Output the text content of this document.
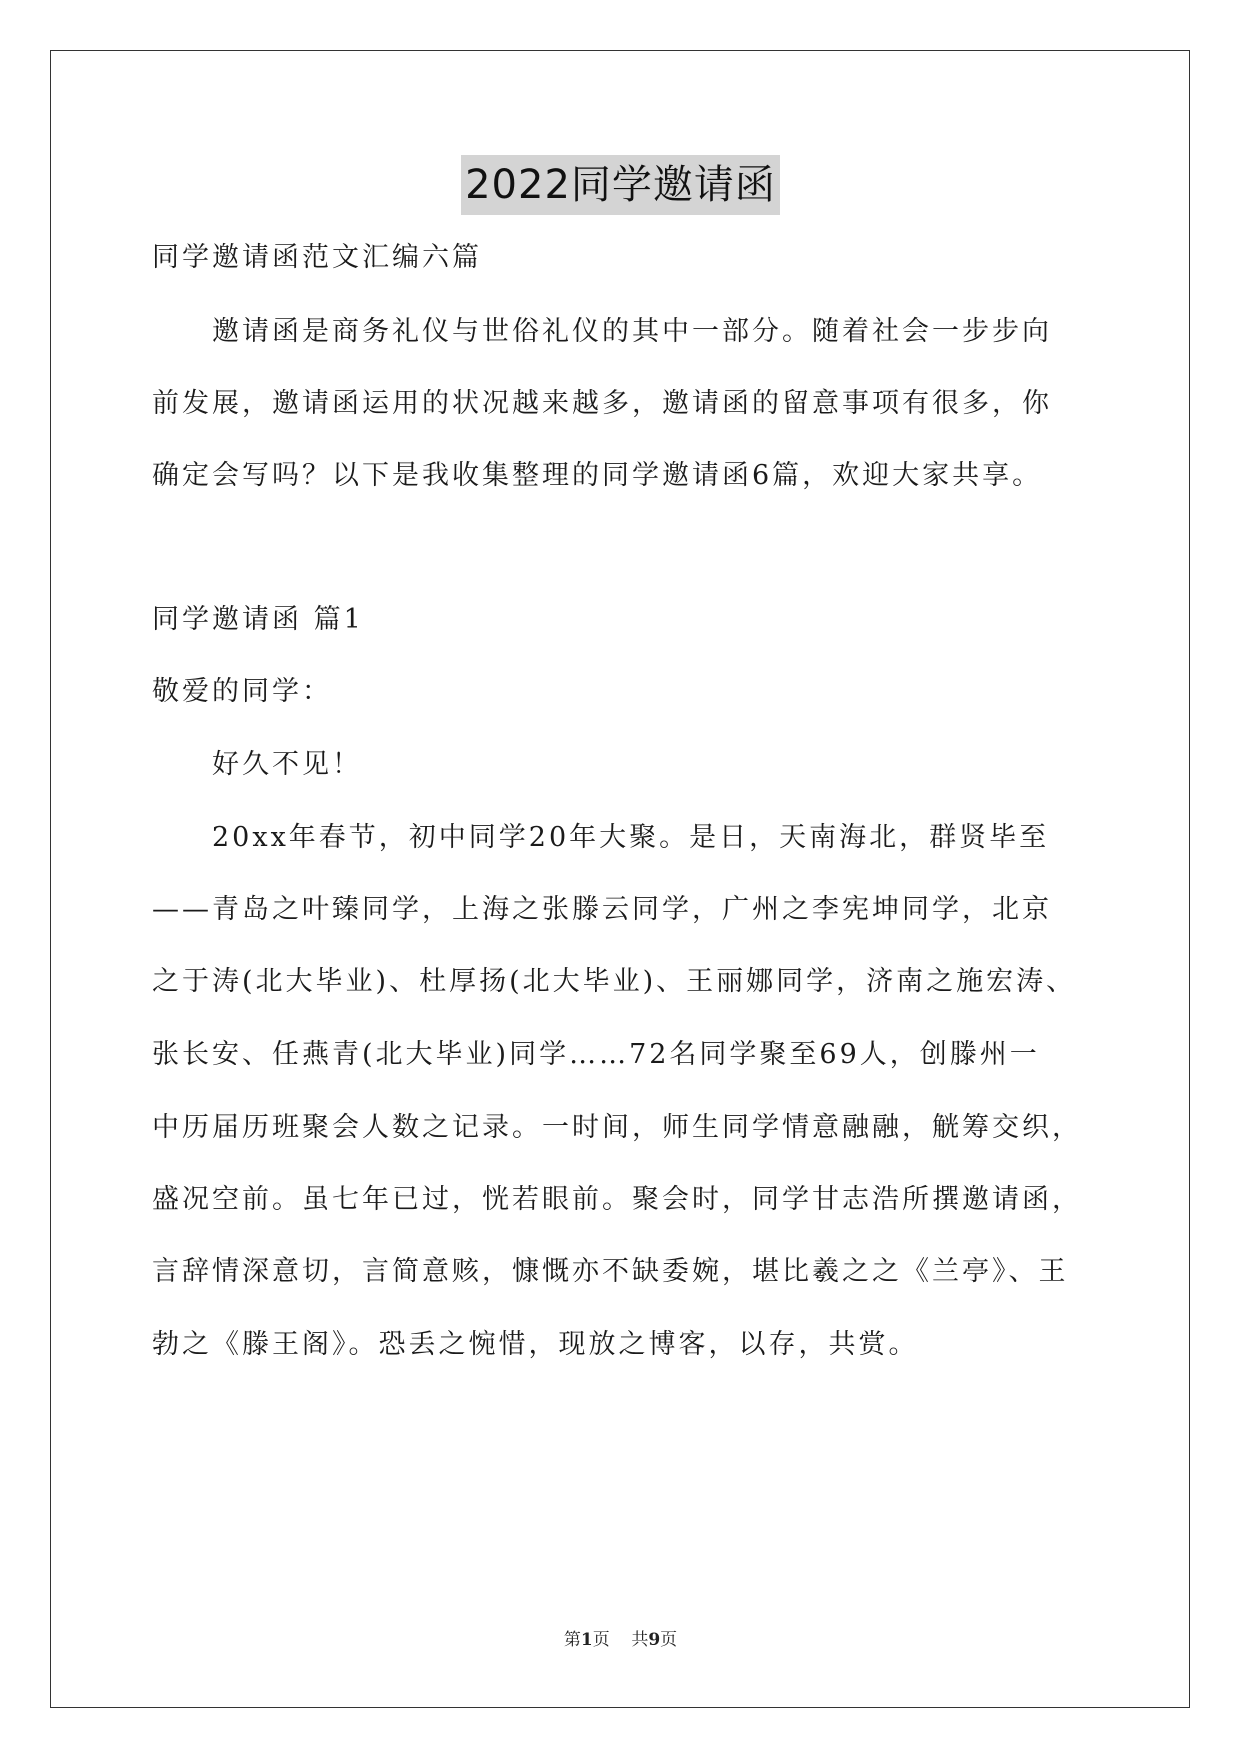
2022同学邀请函
同学邀请函范文汇编六篇
邀请函是商务礼仪与世俗礼仪的其中一部分。随着社会一步步向
前发展，邀请函运用的状况越来越多，邀请函的留意事项有很多，你
确定会写吗？以下是我收集整理的同学邀请函6篇，欢迎大家共享。
同学邀请函 篇1
敬爱的同学：
好久不见！
20xx年春节，初中同学20年大聚。是日，天南海北，群贤毕至
——青岛之叶臻同学，上海之张滕云同学，广州之李宪坤同学，北京
之于涛(北大毕业)、杜厚扬(北大毕业)、王丽娜同学，济南之施宏涛、
张长安、任燕青(北大毕业)同学……72名同学聚至69人，创滕州一
中历届历班聚会人数之记录。一时间，师生同学情意融融，觥筹交织，
盛况空前。虽七年已过，恍若眼前。聚会时，同学甘志浩所撰邀请函，
言辞情深意切，言简意赅，慷慨亦不缺委婉，堪比羲之之《兰亭》、王
勃之《滕王阁》。恐丢之惋惜，现放之博客，以存，共赏。
第1页 共9页
